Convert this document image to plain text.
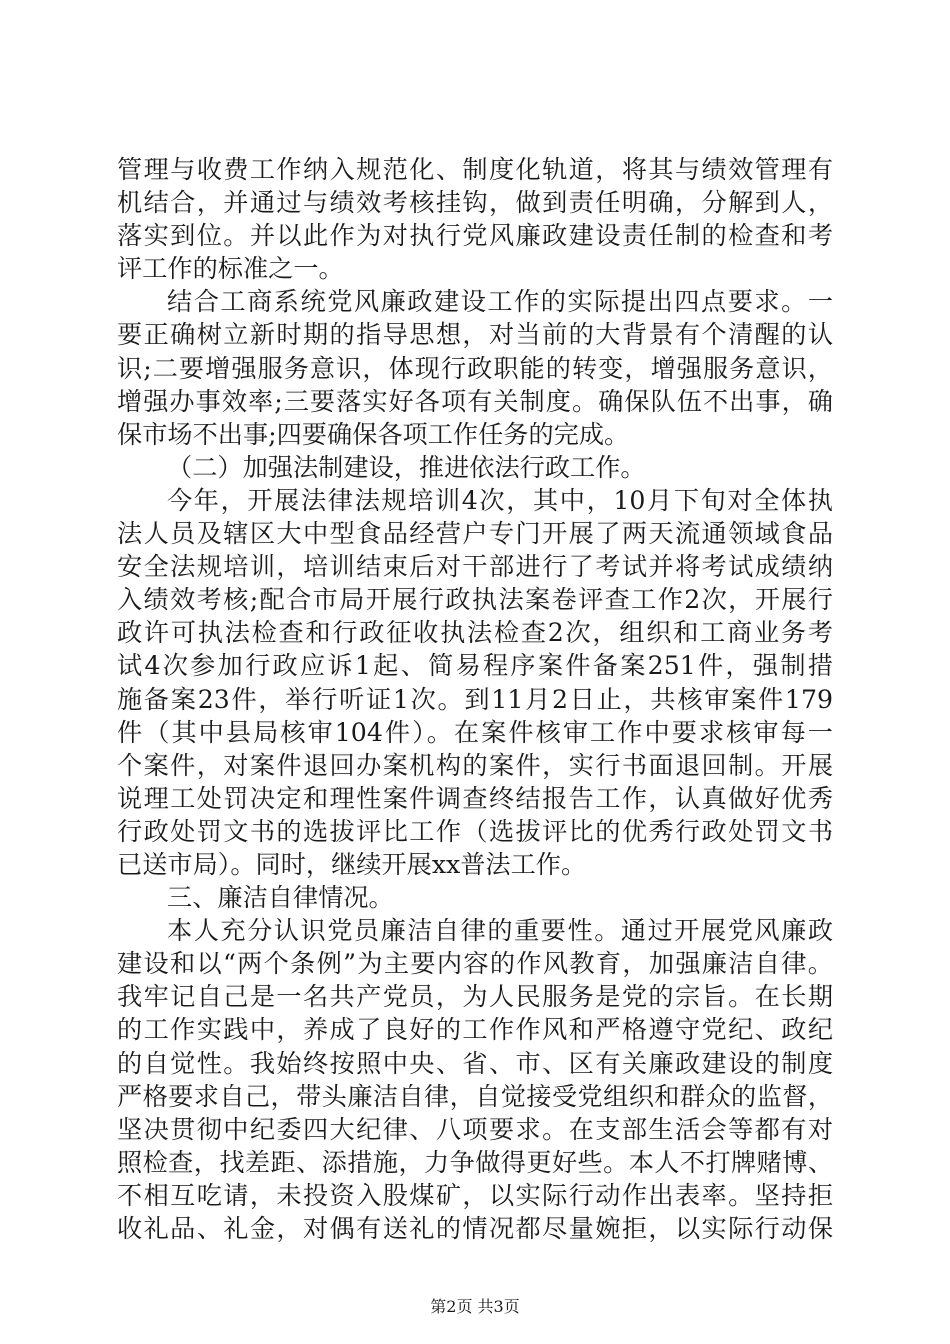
管理与收费工作纳入规范化、制度化轨道，将其与绩效管理有
机结合，并通过与绩效考核挂钩，做到责任明确，分解到人，
落实到位。并以此作为对执行党风廉政建设责任制的检查和考
评工作的标准之一。
结合工商系统党风廉政建设工作的实际提出四点要求。一
要正确树立新时期的指导思想，对当前的大背景有个清醒的认
识;二要增强服务意识，体现行政职能的转变，增强服务意识，
增强办事效率;三要落实好各项有关制度。确保队伍不出事，确
保市场不出事;四要确保各项工作任务的完成。
（二）加强法制建设，推进依法行政工作。
今年，开展法律法规培训4次，其中，10月下旬对全体执
法人员及辖区大中型食品经营户专门开展了两天流通领域食品
安全法规培训，培训结束后对干部进行了考试并将考试成绩纳
入绩效考核;配合市局开展行政执法案卷评查工作2次，开展行
政许可执法检查和行政征收执法检查2次，组织和工商业务考
试4次参加行政应诉1起、简易程序案件备案251件，强制措
施备案23件，举行听证1次。到11月2日止，共核审案件179
件（其中县局核审104件）。在案件核审工作中要求核审每一
个案件，对案件退回办案机构的案件，实行书面退回制。开展
说理工处罚决定和理性案件调查终结报告工作，认真做好优秀
行政处罚文书的选拔评比工作（选拔评比的优秀行政处罚文书
已送市局）。同时，继续开展xx普法工作。
三、廉洁自律情况。
本人充分认识党员廉洁自律的重要性。通过开展党风廉政
建设和以“两个条例”为主要内容的作风教育，加强廉洁自律。
我牢记自己是一名共产党员，为人民服务是党的宗旨。在长期
的工作实践中，养成了良好的工作作风和严格遵守党纪、政纪
的自觉性。我始终按照中央、省、市、区有关廉政建设的制度
严格要求自己，带头廉洁自律，自觉接受党组织和群众的监督，
坚决贯彻中纪委四大纪律、八项要求。在支部生活会等都有对
照检查，找差距、添措施，力争做得更好些。本人不打牌赌博、
不相互吃请，未投资入股煤矿，以实际行动作出表率。坚持拒
收礼品、礼金，对偶有送礼的情况都尽量婉拒，以实际行动保
第2页 共3页
